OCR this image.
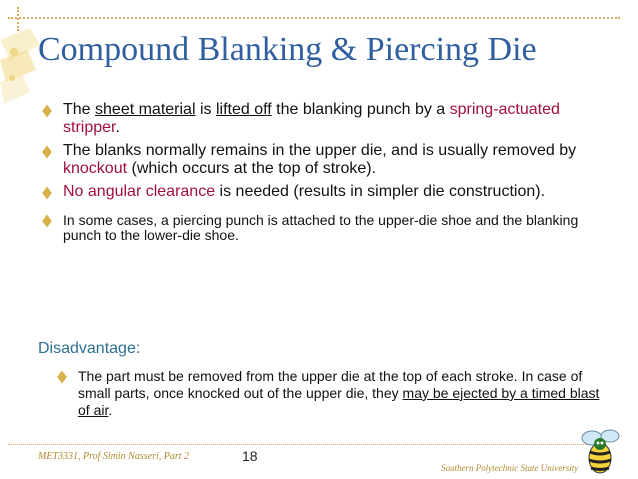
Compound Blanking & Piercing Die
The sheet material is lifted off the blanking punch by a spring-actuated stripper.
The blanks normally remains in the upper die, and is usually removed by knockout (which occurs at the top of stroke).
No angular clearance is needed (results in simpler die construction).
In some cases, a piercing punch is attached to the upper-die shoe and the blanking punch to the lower-die shoe.
Disadvantage:
The part must be removed from the upper die at the top of each stroke. In case of small parts, once knocked out of the upper die, they may be ejected by a timed blast of air.
MET3331, Prof Simin Nasseri, Part 2	18
Southern Polytechnic State University
